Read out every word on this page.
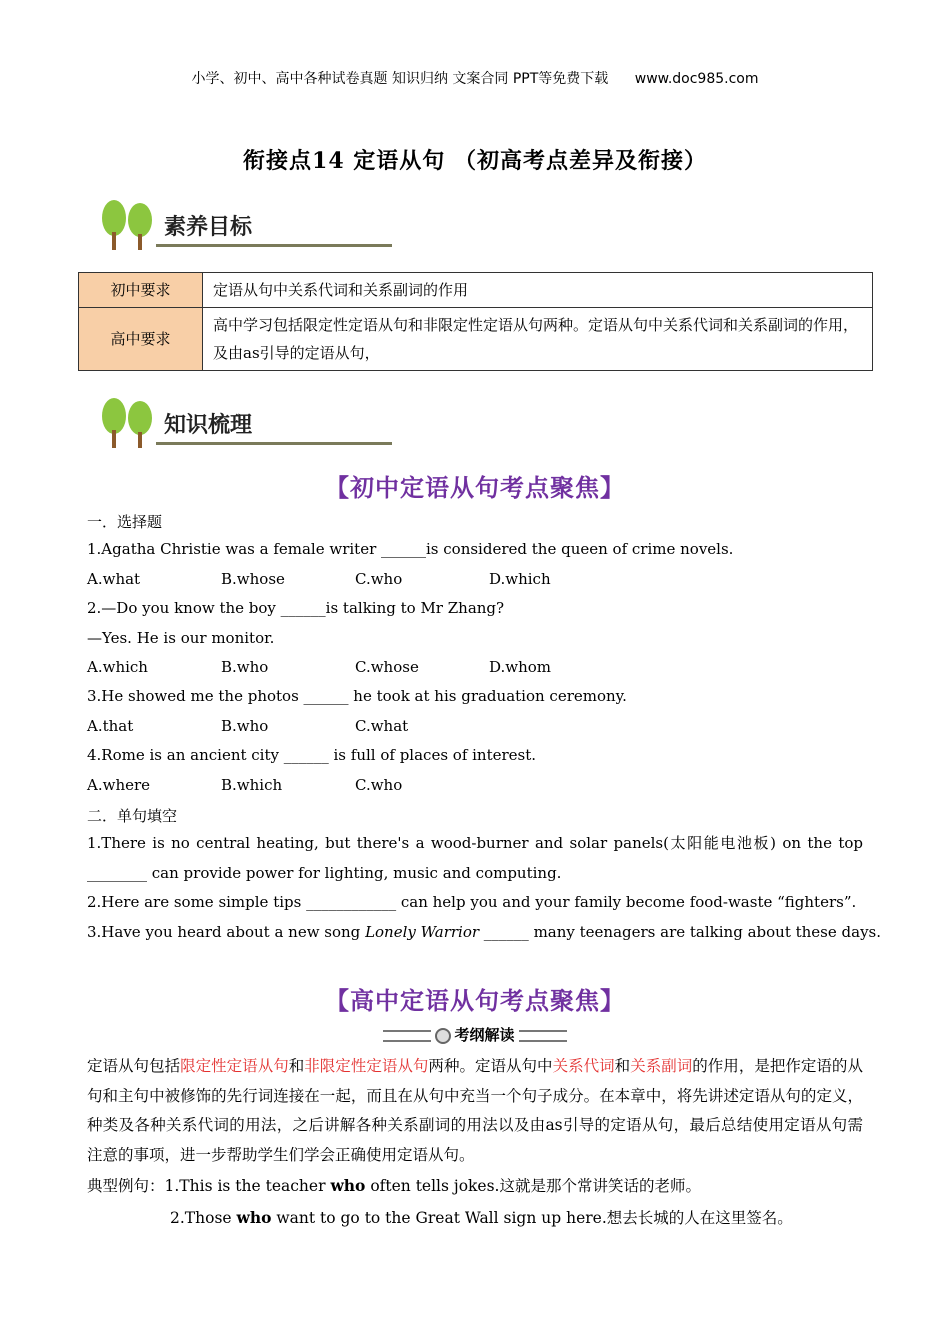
小学、初中、高中各种试卷真题 知识归纳 文案合同 PPT等免费下载 www.doc985.com
衔接点14 定语从句 （初高考点差异及衔接）
素养目标
初中要求	定语从句中关系代词和关系副词的作用
高中要求	高中学习包括限定性定语从句和非限定性定语从句两种。定语从句中关系代词和关系副词的作用，及由as引导的定语从句，
知识梳理
【初中定语从句考点聚焦】
一．选择题
1.Agatha Christie was a female writer ______is considered the queen of crime novels.
A.what	B.whose	C.who	D.which
2.—Do you know the boy ______is talking to Mr Zhang?
—Yes. He is our monitor.
A.which	B.who	C.whose	D.whom
3.He showed me the photos ______ he took at his graduation ceremony.
A.that	B.who	C.what
4.Rome is an ancient city ______ is full of places of interest.
A.where	B.which	C.who
二．单句填空
1.There is no central heating, but there's a wood-burner and solar panels(太阳能电池板) on the top ________ can provide power for lighting, music and computing.
2.Here are some simple tips ____________ can help you and your family become food-waste “fighters”.
3.Have you heard about a new song Lonely Warrior ______ many teenagers are talking about these days.
【高中定语从句考点聚焦】
考纲解读
定语从句包括限定性定语从句和非限定性定语从句两种。定语从句中关系代词和关系副词的作用，是把作定语的从句和主句中被修饰的先行词连接在一起，而且在从句中充当一个句子成分。在本章中，将先讲述定语从句的定义，种类及各种关系代词的用法，之后讲解各种关系副词的用法以及由as引导的定语从句，最后总结使用定语从句需注意的事项，进一步帮助学生们学会正确使用定语从句。
典型例句：1.This is the teacher who often tells jokes.这就是那个常讲笑话的老师。
2.Those who want to go to the Great Wall sign up here.想去长城的人在这里签名。
